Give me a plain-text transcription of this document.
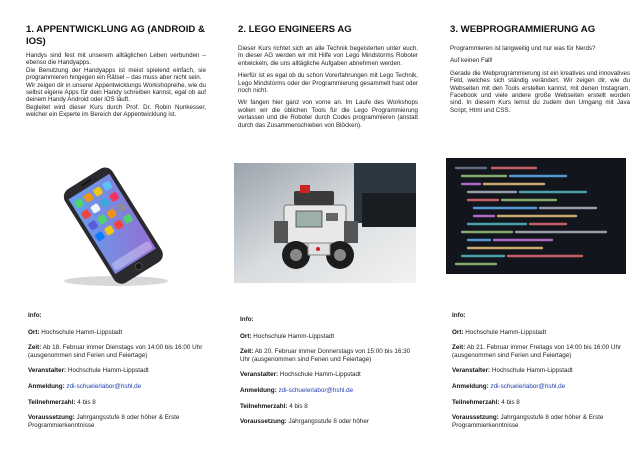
1. APPENTWICKLUNG AG (ANDROID & IOS)

Handys sind fest mit unserem alltäglichen Leben verbunden – ebenso die Handyapps.

Die Benutzung der Handyapps ist meist spielend einfach, sie programmieren hingegen ein Rätsel – das muss aber nicht sein.

Wir zeigen dir in unserer Appentwicklungs Workshopreihe, wie du selbst eigene Apps für dein Handy schreiben kannst, egal ob auf deinem Handy Android oder iOS läuft.

Begleitet wird dieser Kurs durch Prof. Dr. Robin Nunkesser, welcher ein Experte im Bereich der Appentwicklung ist.

Info:
Ort: Hochschule Hamm-Lippstadt
Zeit: Ab 18. Februar immer Dienstags von 14:00 bis 16:00 Uhr (ausgenommen sind Ferien und Feiertage)
Veranstalter: Hochschule Hamm-Lippstadt
Anmeldung: zdi-schuelerlabor@hshl.de
Teilnehmerzahl: 4 bis 8
Voraussetzung: Jahrgangsstufe 8 oder höher & Erste Programmierkenntnisse
2. LEGO ENGINEERS AG

Dieser Kurs richtet sich an alle Technik begeisterten unter euch. In dieser AG werden wir mit Hilfe von Lego Mindstorms Roboter entwickeln, die uns alltägliche Aufgaben abnehmen werden.

Hierfür ist es egal ob du schon Vorerfahrungen mit Lego Technik, Lego Mindstorms oder der Programmierung gesammelt hast oder noch nicht.

Wir fangen hier ganz von vorne an. Im Laufe des Workshops wollen wir die üblichen Tools für die Lego Programmierung verlassen und die Roboter durch Codes programmieren (anstatt durch das Zusammenschieben von Blöcken).

Info:
Ort: Hochschule Hamm-Lippstadt
Zeit: Ab 20. Februar immer Donnerstags von 15:00 bis 16:30 Uhr (ausgenommen sind Ferien und Feiertage)
Veranstalter: Hochschule Hamm-Lippstadt
Anmeldung: zdi-schuelerlabor@hshl.de
Teilnehmerzahl: 4 bis 8
Voraussetzung: Jahrgangsstufe 8 oder höher
3. WEBPROGRAMMIERUNG AG

Programmieren ist langweilig und nur was für Nerds?

Auf keinen Fall!

Gerade die Webprogrammierung ist ein kreatives und innovatives Feld, welches sich ständig verändert. Wir zeigen dir, wie du Webseiten mit den Tools erstellen kannst, mit denen Instagram, Facebook und viele andere große Webseiten erstellt worden sind. In diesem Kurs lernst du zudem den Umgang mit Java Script, Html und CSS.

Info:
Ort: Hochschule Hamm-Lippstadt
Zeit: Ab 21. Februar immer Freitags von 14:00 bis 16:00 Uhr (ausgenommen sind Ferien und Feiertage)
Veranstalter: Hochschule Hamm-Lippstadt
Anmeldung: zdi-schuelerlabor@hshl.de
Teilnehmerzahl: 4 bis 8
Voraussetzung: Jahrgangsstufe 8 oder höher & Erste Programmierkenntnisse
